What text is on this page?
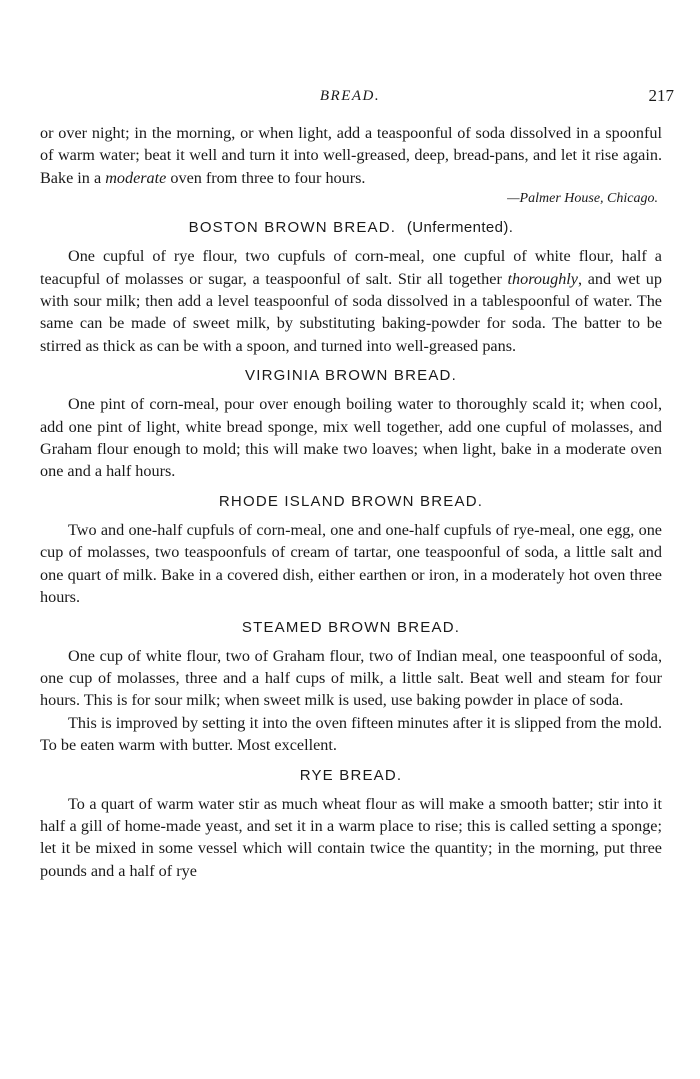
BREAD.	217

or over night; in the morning, or when light, add a teaspoonful of soda dissolved in a spoonful of warm water; beat it well and turn it into well-greased, deep, bread-pans, and let it rise again. Bake in a moderate oven from three to four hours.

—Palmer House, Chicago.

BOSTON BROWN BREAD. (Unfermented).

One cupful of rye flour, two cupfuls of corn-meal, one cupful of white flour, half a teacupful of molasses or sugar, a teaspoonful of salt. Stir all together thoroughly, and wet up with sour milk; then add a level teaspoonful of soda dissolved in a tablespoonful of water. The same can be made of sweet milk, by substituting baking-powder for soda. The batter to be stirred as thick as can be with a spoon, and turned into well-greased pans.

VIRGINIA BROWN BREAD.

One pint of corn-meal, pour over enough boiling water to thoroughly scald it; when cool, add one pint of light, white bread sponge, mix well together, add one cupful of molasses, and Graham flour enough to mold; this will make two loaves; when light, bake in a moderate oven one and a half hours.

RHODE ISLAND BROWN BREAD.

Two and one-half cupfuls of corn-meal, one and one-half cupfuls of rye-meal, one egg, one cup of molasses, two teaspoonfuls of cream of tartar, one teaspoonful of soda, a little salt and one quart of milk. Bake in a covered dish, either earthen or iron, in a moderately hot oven three hours.

STEAMED BROWN BREAD.

One cup of white flour, two of Graham flour, two of Indian meal, one teaspoonful of soda, one cup of molasses, three and a half cups of milk, a little salt. Beat well and steam for four hours. This is for sour milk; when sweet milk is used, use baking powder in place of soda.

This is improved by setting it into the oven fifteen minutes after it is slipped from the mold. To be eaten warm with butter. Most excellent.

RYE BREAD.

To a quart of warm water stir as much wheat flour as will make a smooth batter; stir into it half a gill of home-made yeast, and set it in a warm place to rise; this is called setting a sponge; let it be mixed in some vessel which will contain twice the quantity; in the morning, put three pounds and a half of rye
